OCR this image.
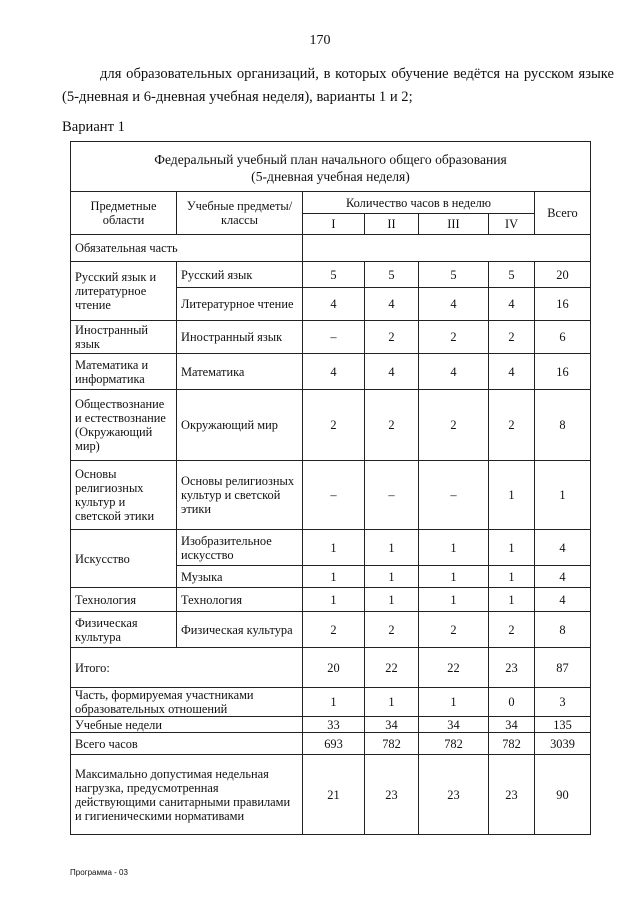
170

для образовательных организаций, в которых обучение ведётся на русском языке (5-дневная и 6-дневная учебная неделя), варианты 1 и 2;

Вариант 1
Федеральный учебный план начального общего образования
(5-дневная учебная неделя)						

Предметные области	Учебные предметы/ классы	Количество часов в неделю				Всего
		I	II	III	IV	
Обязательная часть						
Русский язык и литературное чтение	Русский язык	5	5	5	5	20
	Литературное чтение	4	4	4	4	16
Иностранный язык	Иностранный язык	–	2	2	2	6
Математика и информатика	Математика	4	4	4	4	16
Обществознание и естествознание (Окружающий мир)	Окружающий мир	2	2	2	2	8
Основы религиозных культур и светской этики	Основы религиозных культур и светской этики	–	–	–	1	1
Искусство	Изобразительное искусство	1	1	1	1	4
	Музыка	1	1	1	1	4
Технология	Технология	1	1	1	1	4
Физическая культура	Физическая культура	2	2	2	2	8
Итого:		20	22	22	23	87
Часть, формируемая участниками образовательных отношений		1	1	1	0	3
Учебные недели		33	34	34	34	135
Всего часов		693	782	782	782	3039
Максимально допустимая недельная нагрузка, предусмотренная действующими санитарными правилами и гигиеническими нормативами		21	23	23	23	90
Программа - 03
